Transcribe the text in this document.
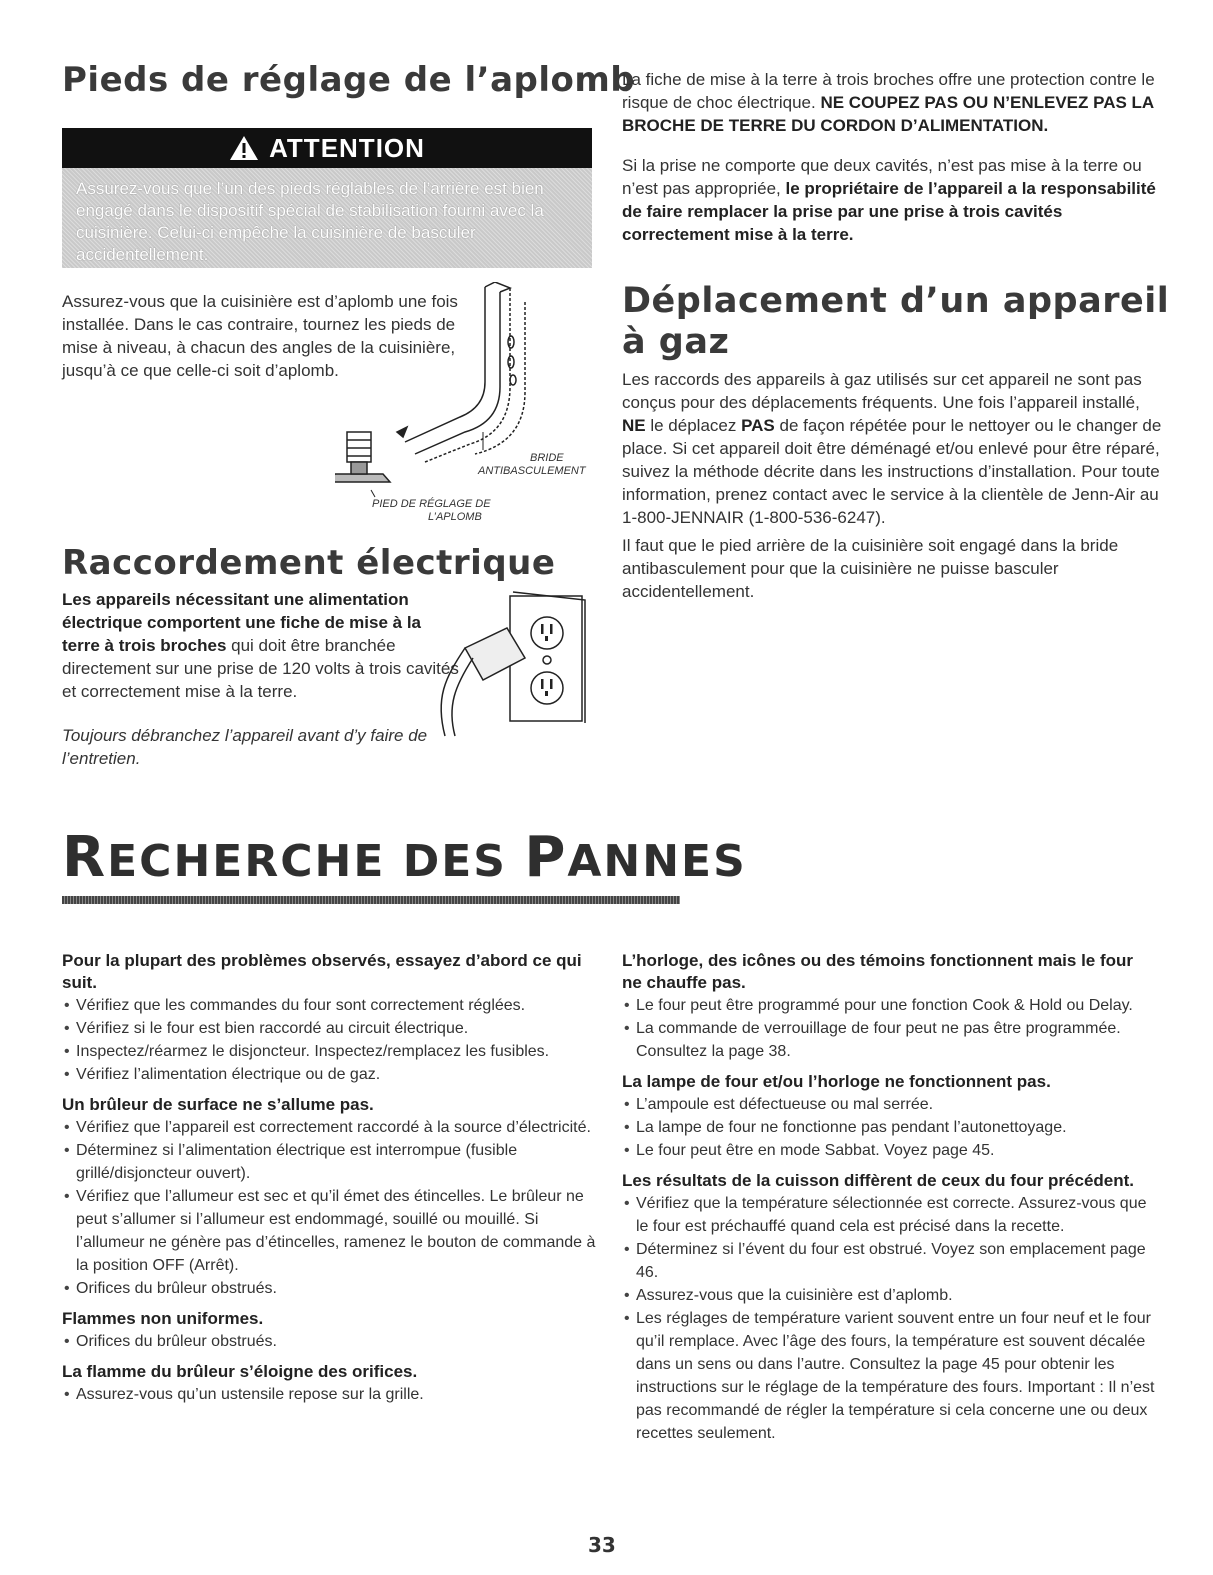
Pieds de réglage de l’aplomb
ATTENTION
Assurez-vous que l’un des pieds réglables de l’arrière est bien engagé dans le dispositif spécial de stabilisation fourni avec la cuisinière. Celui-ci empêche la cuisinière de basculer accidentellement.
Assurez-vous que la cuisinière est d’aplomb une fois installée. Dans le cas contraire, tournez les pieds de mise à niveau, à chacun des angles de la cuisinière, jusqu’à ce que celle-ci soit d’aplomb.
BRIDE
ANTIBASCULEMENT
PIED DE RÉGLAGE DE
L’APLOMB
Raccordement électrique
Les appareils nécessitant une alimentation électrique comportent une fiche de mise à la terre à trois broches qui doit être branchée directement sur une prise de 120 volts à trois cavités et correctement mise à la terre.
Toujours débranchez l’appareil avant d’y faire de l’entretien.
La fiche de mise à la terre à trois broches offre une protection contre le risque de choc électrique. NE COUPEZ PAS OU N’ENLEVEZ PAS LA BROCHE DE TERRE DU CORDON D’ALIMENTATION.
Si la prise ne comporte que deux cavités, n’est pas mise à la terre ou n’est pas appropriée, le propriétaire de l’appareil a la responsabilité de faire remplacer la prise par une prise à trois cavités correctement mise à la terre.
Déplacement d’un appareil
à gaz
Les raccords des appareils à gaz utilisés sur cet appareil ne sont pas conçus pour des déplacements fréquents. Une fois l’appareil installé, NE le déplacez PAS de façon répétée pour le nettoyer ou le changer de place. Si cet appareil doit être déménagé et/ou enlevé pour être réparé, suivez la méthode décrite dans les instructions d’installation. Pour toute information, prenez contact avec le service à la clientèle de Jenn-Air au 1-800-JENNAIR (1-800-536-6247).
Il faut que le pied arrière de la cuisinière soit engagé dans la bride antibasculement pour que la cuisinière ne puisse basculer accidentellement.
RECHERCHE DES PANNES
Pour la plupart des problèmes observés, essayez d’abord ce qui suit.
• Vérifiez que les commandes du four sont correctement réglées.
• Vérifiez si le four est bien raccordé au circuit électrique.
• Inspectez/réarmez le disjoncteur. Inspectez/remplacez les fusibles.
• Vérifiez l’alimentation électrique ou de gaz.
Un brûleur de surface ne s’allume pas.
• Vérifiez que l’appareil est correctement raccordé à la source d’électricité.
• Déterminez si l’alimentation électrique est interrompue (fusible grillé/disjoncteur ouvert).
• Vérifiez que l’allumeur est sec et qu’il émet des étincelles. Le brûleur ne peut s’allumer si l’allumeur est endommagé, souillé ou mouillé. Si l’allumeur ne génère pas d’étincelles, ramenez le bouton de commande à la position OFF (Arrêt).
• Orifices du brûleur obstrués.
Flammes non uniformes.
• Orifices du brûleur obstrués.
La flamme du brûleur s’éloigne des orifices.
• Assurez-vous qu’un ustensile repose sur la grille.
L’horloge, des icônes ou des témoins fonctionnent mais le four ne chauffe pas.
• Le four peut être programmé pour une fonction Cook & Hold ou Delay.
• La commande de verrouillage de four peut ne pas être programmée. Consultez la page 38.
La lampe de four et/ou l’horloge ne fonctionnent pas.
• L’ampoule est défectueuse ou mal serrée.
• La lampe de four ne fonctionne pas pendant l’autonettoyage.
• Le four peut être en mode Sabbat. Voyez page 45.
Les résultats de la cuisson diffèrent de ceux du four précédent.
• Vérifiez que la température sélectionnée est correcte. Assurez-vous que le four est préchauffé quand cela est précisé dans la recette.
• Déterminez si l’évent du four est obstrué. Voyez son emplacement page 46.
• Assurez-vous que la cuisinière est d’aplomb.
• Les réglages de température varient souvent entre un four neuf et le four qu’il remplace. Avec l’âge des fours, la température est souvent décalée dans un sens ou dans l’autre. Consultez la page 45 pour obtenir les instructions sur le réglage de la température des fours. Important : Il n’est pas recommandé de régler la température si cela concerne une ou deux recettes seulement.
33
